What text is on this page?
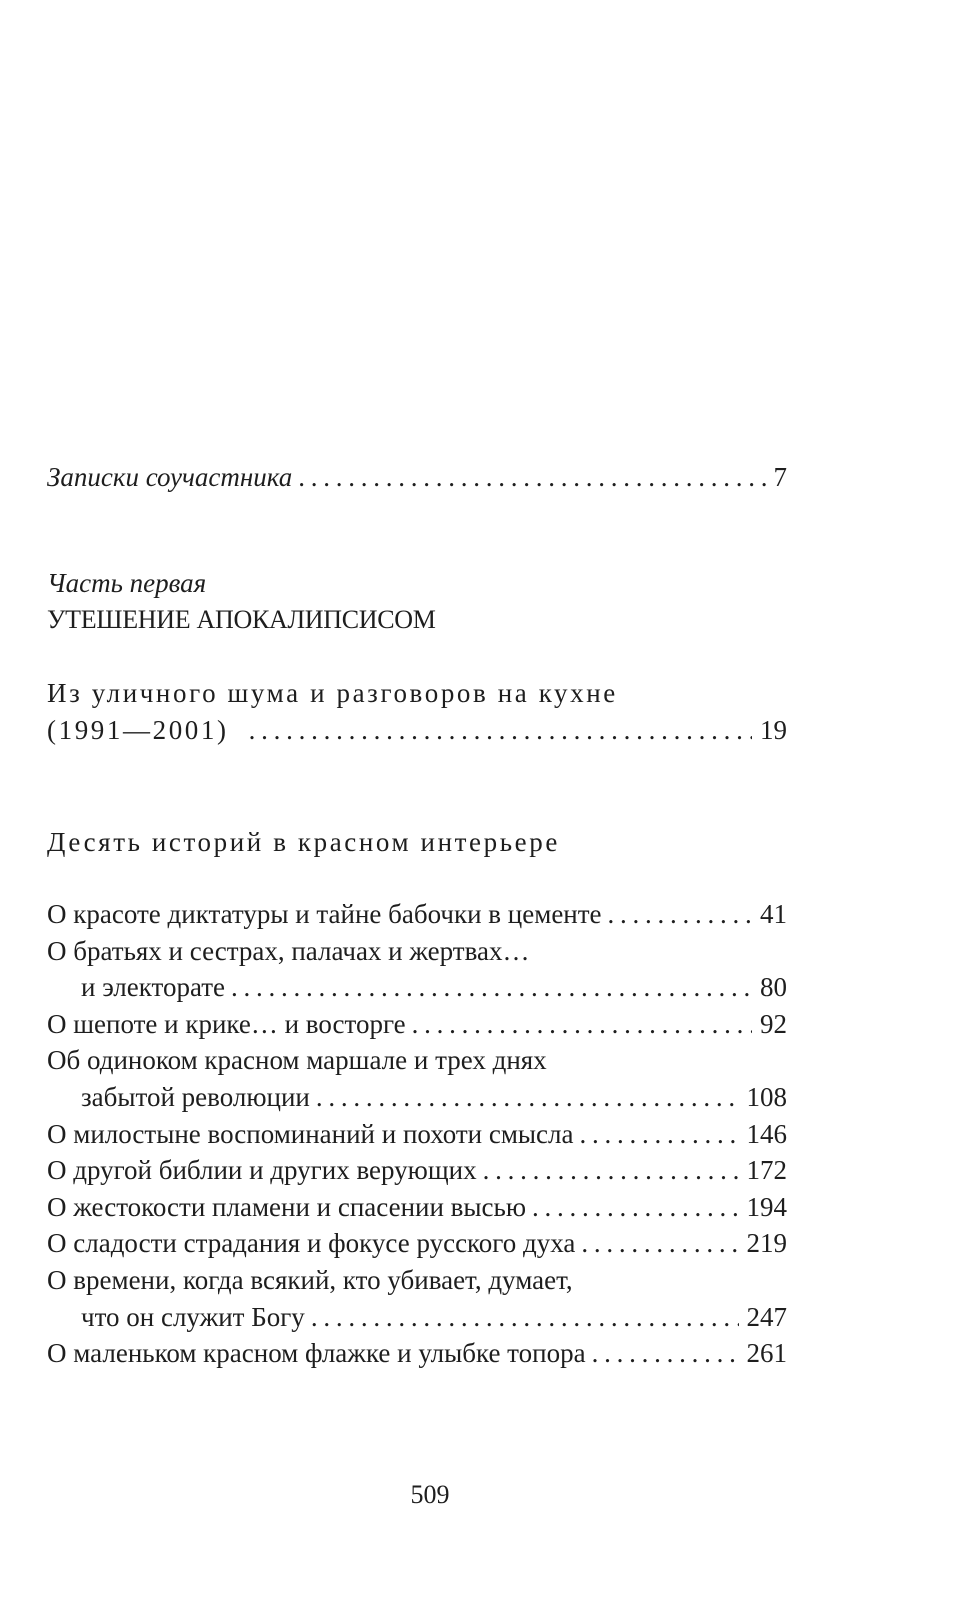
Записки соучастника . . .	7
Часть первая
УТЕШЕНИЕ АПОКАЛИПСИСОМ
Из уличного шума и разговоров на кухне
(1991—2001) . . .	19
Десять историй в красном интерьере
О красоте диктатуры и тайне бабочки в цементе . . .	41
О братьях и сестрах, палачах и жертвах…
и электорате . . .	80
О шепоте и крике… и восторге . . .	92
Об одиноком красном маршале и трех днях
забытой революции . . .	108
О милостыне воспоминаний и похоти смысла . . .	146
О другой библии и других верующих . . .	172
О жестокости пламени и спасении высью . . .	194
О сладости страдания и фокусе русского духа . . .	219
О времени, когда всякий, кто убивает, думает,
что он служит Богу . . .	247
О маленьком красном флажке и улыбке топора . . .	261
509
